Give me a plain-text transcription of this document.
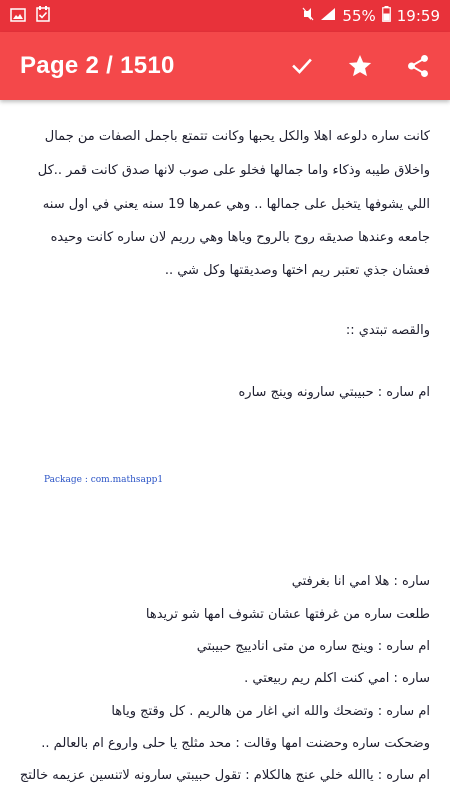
55% 19:59
Page 2 / 1510
كانت ساره دلوعه اهلا والكل يحبها وكانت تتمتع باجمل الصفات من جمال
واخلاق طيبه وذكاء واما جمالها فخلو على صوب لانها صدق كانت قمر ..كل
اللي يشوفها يتخبل على جمالها .. وهي عمرها 19 سنه يعني في اول سنه
جامعه وعندها صديقه روح بالروح وياها وهي رريم لان ساره كانت وحيده
فعشان جذي تعتبر ريم اختها وصديقتها وكل شي ..
والقصه تبتدي ::
ام ساره : حبيبتي سارونه وينج ساره
Package : com.mathsapp1
ساره : هلا امي انا بغرفتي
طلعت ساره من غرفتها عشان تشوف امها شو تريدها
ام ساره : وينج ساره من متى انادييج حبيبتي
ساره : امي كنت اكلم ريم ربيعتي .
ام ساره : وتضحك والله اني اغار من هالريم . كل وقتج وياها
وضحكت ساره وحضنت امها وقالت : محد مثلج يا حلى واروع ام بالعالم ..
ام ساره : ياالله خلي عنج هالكلام : تقول حبيبتي سارونه لاتنسين عزيمه خالتج
